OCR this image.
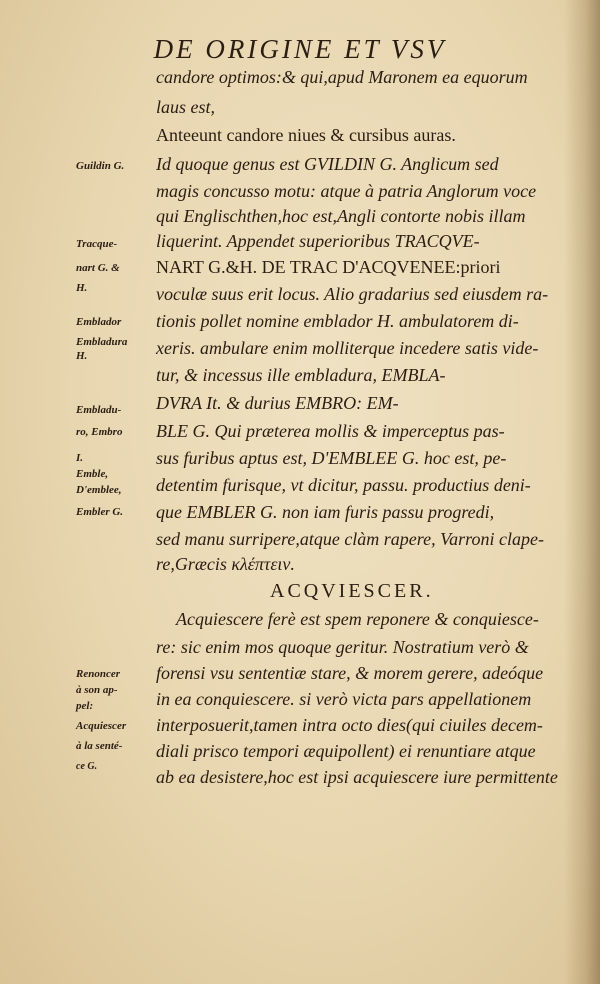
DE ORIGINE ET VSV
candore optimos:& qui,apud Maronem ea equorum
laus est,
Anteeunt candore niues & cursibus auras.
Guildin G. Id quoque genus est GVILDIN G. Anglicum sed
magis concusso motu: atque à patria Anglorum voce
qui Englischthen,hoc est,Angli contorte nobis illam
Tracque- liquerint. Appendet superioribus TRACQVE-
nart G. & NART G.&H. DE TRAC D'ACQVENEE:priori
H.	voculæ suus erit locus. Alio gradarius sed eiusdem ra-
Emblador tionis pollet nomine emblador H. ambulatorem di-
Embladura xeris. ambulare enim molliterque incedere satis vide-
H.
tur, & incessus ille embladura, EMBLA-
DVRA It. & durius EMBRO: EM-
Embladu-
BLE G. Qui præterea mollis & imperceptus pas-
ro, Embro
sus furibus aptus est, D'EMBLEE G. hoc est, pe-
I.
detentim furisque, vt dicitur, passu. productius deni-
Emble,
que EMBLER G. non iam furis passu progredi,
D'emblee,
sed manu surripere,atque clàm rapere, Varroni clape-
Embler G.
re,Græcis κλέπτειν.
ACQVIESCER.
Acquiescere ferè est spem reponere & conquiesce-
re: sic enim mos quoque geritur. Nostratium verò &
Renoncer forensi vsu sententiæ stare, & morem gerere, adeóque
à son ap- in ea conquiescere. si verò victa pars appellationem
pel:
interposuerit,tamen intra octo dies(qui ciuiles decem-
Acquiescer
diali prisco tempori æquipollent) ei renuntiare atque
à la senté-
ab ea desistere,hoc est ipsi acquiescere iure permittente
ce G.
